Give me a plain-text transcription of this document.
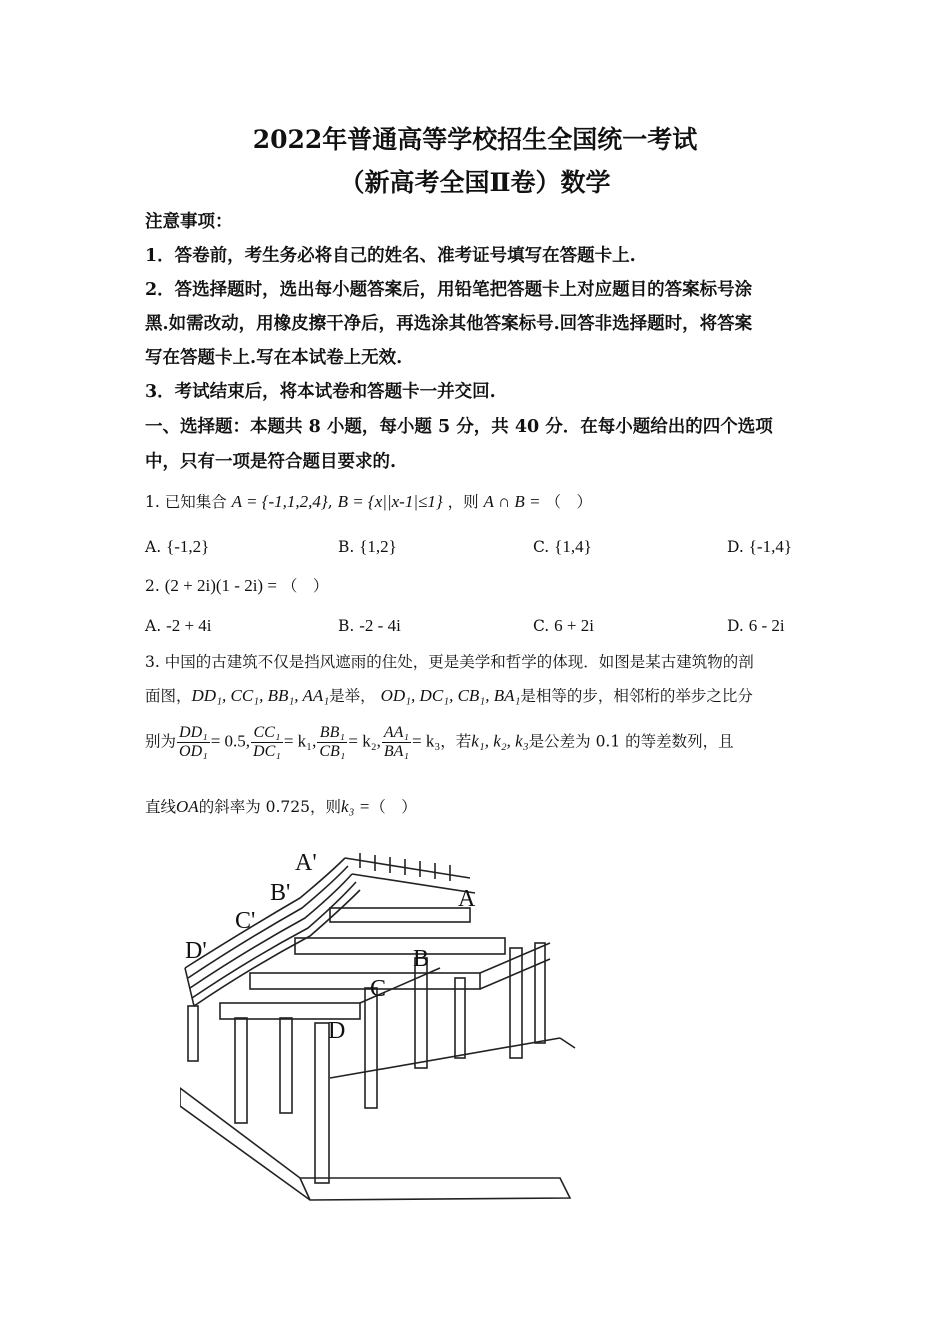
2022年普通高等学校招生全国统一考试
（新高考全国Ⅱ卷）数学
注意事项：
1．答卷前，考生务必将自己的姓名、准考证号填写在答题卡上.
2．答选择题时，选出每小题答案后，用铅笔把答题卡上对应题目的答案标号涂
黑.如需改动，用橡皮擦干净后，再选涂其他答案标号.回答非选择题时，将答案
写在答题卡上.写在本试卷上无效.
3．考试结束后，将本试卷和答题卡一并交回.
一、选择题：本题共 8 小题，每小题 5 分，共 40 分．在每小题给出的四个选项
中，只有一项是符合题目要求的.
1. 已知集合 A = {-1,1,2,4}, B = {x||x-1|≤1} ，则 A ∩ B = （　）
A. {-1,2}	B. {1,2}	C. {1,4}	D. {-1,4}
2. (2 + 2i)(1 - 2i) = （　）
A. -2 + 4i	B. -2 - 4i	C. 6 + 2i	D. 6 - 2i
3. 中国的古建筑不仅是挡风遮雨的住处，更是美学和哲学的体现．如图是某古建筑物的剖
面图，DD₁, CC₁, BB₁, AA₁是举， OD₁, DC₁, CB₁, BA₁是相等的步，相邻桁的举步之比分
别为 $\frac{\text{DD₁}}{\text{OD₁}} = 0.5$, $\frac{\text{CC₁}}{\text{DC₁}} = k_1$, $\frac{\text{BB₁}}{\text{CB₁}} = k_2$, $\frac{\text{AA₁}}{\text{BA₁}} = k_3$，若k₁, k₂, k₃是公差为 0.1 的等差数列，且
直线OA的斜率为 0.725，则k₃ =（　）
A'
B'
C'
D'
A
B
C
D
